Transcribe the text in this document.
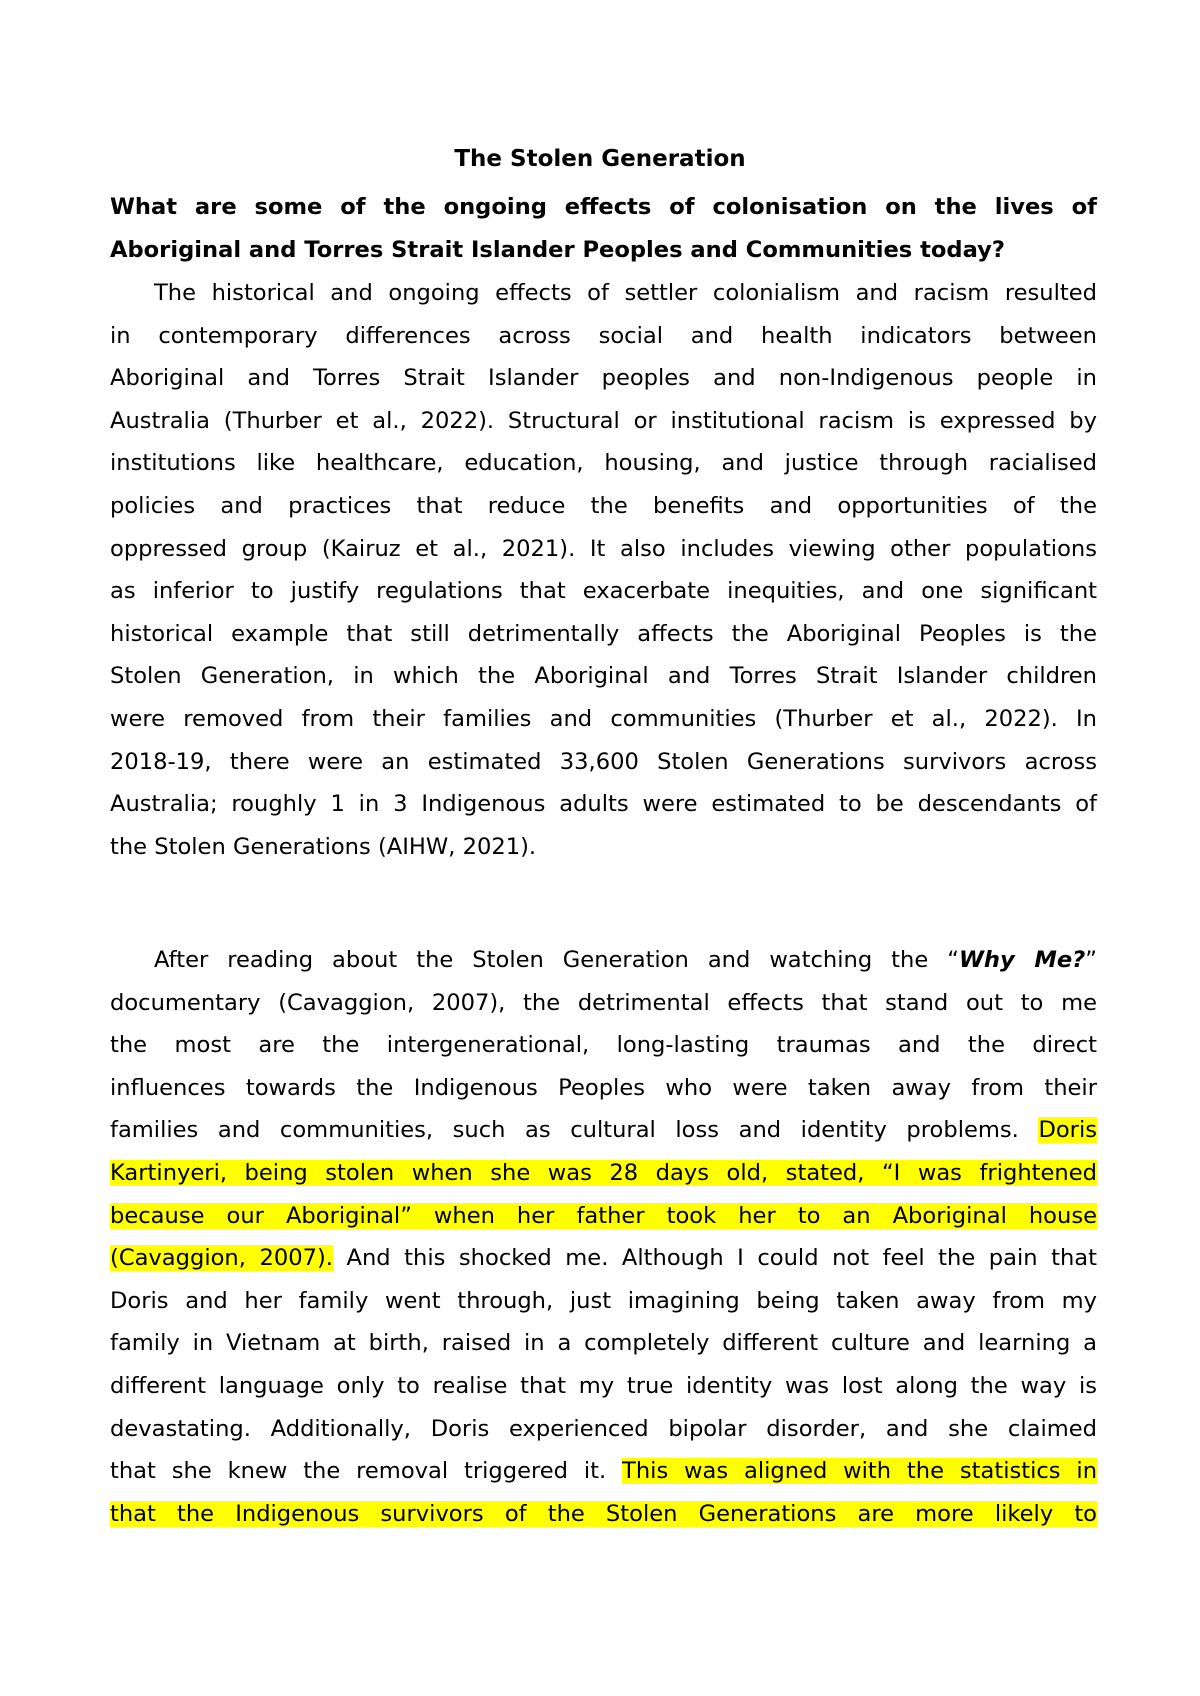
The Stolen Generation
What are some of the ongoing effects of colonisation on the lives of
Aboriginal and Torres Strait Islander Peoples and Communities today?
The historical and ongoing effects of settler colonialism and racism resulted
in contemporary differences across social and health indicators between
Aboriginal and Torres Strait Islander peoples and non-Indigenous people in
Australia (Thurber et al., 2022). Structural or institutional racism is expressed by
institutions like healthcare, education, housing, and justice through racialised
policies and practices that reduce the benefits and opportunities of the
oppressed group (Kairuz et al., 2021). It also includes viewing other populations
as inferior to justify regulations that exacerbate inequities, and one significant
historical example that still detrimentally affects the Aboriginal Peoples is the
Stolen Generation, in which the Aboriginal and Torres Strait Islander children
were removed from their families and communities (Thurber et al., 2022). In
2018-19, there were an estimated 33,600 Stolen Generations survivors across
Australia; roughly 1 in 3 Indigenous adults were estimated to be descendants of
the Stolen Generations (AIHW, 2021).
After reading about the Stolen Generation and watching the “Why Me?”
documentary (Cavaggion, 2007), the detrimental effects that stand out to me
the most are the intergenerational, long-lasting traumas and the direct
influences towards the Indigenous Peoples who were taken away from their
families and communities, such as cultural loss and identity problems. Doris
Kartinyeri, being stolen when she was 28 days old, stated, “I was frightened
because our Aboriginal” when her father took her to an Aboriginal house
(Cavaggion, 2007). And this shocked me. Although I could not feel the pain that
Doris and her family went through, just imagining being taken away from my
family in Vietnam at birth, raised in a completely different culture and learning a
different language only to realise that my true identity was lost along the way is
devastating. Additionally, Doris experienced bipolar disorder, and she claimed
that she knew the removal triggered it. This was aligned with the statistics in
that the Indigenous survivors of the Stolen Generations are more likely to
